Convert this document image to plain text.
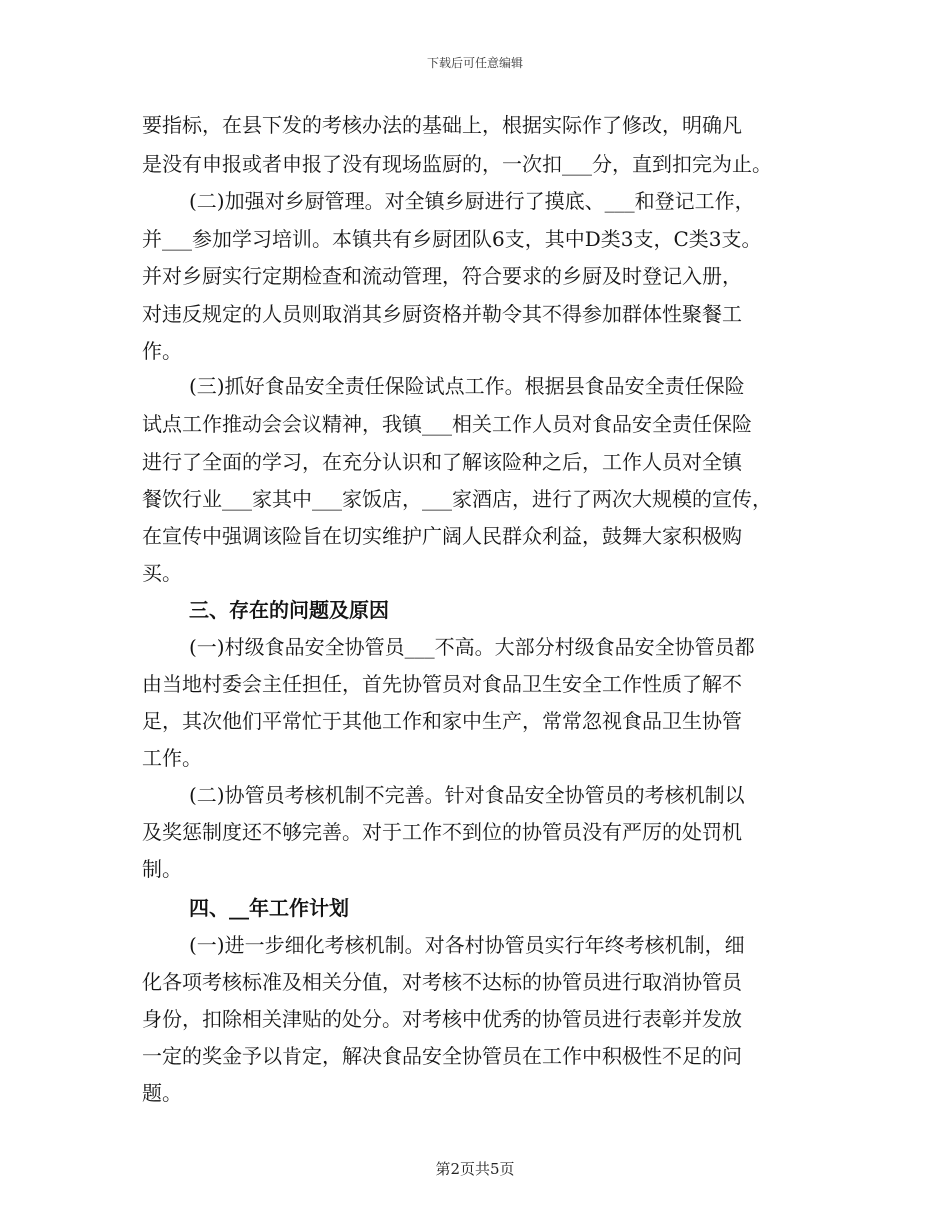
下载后可任意编辑
要指标，在县下发的考核办法的基础上，根据实际作了修改，明确凡
是没有申报或者申报了没有现场监厨的，一次扣___分，直到扣完为止。
(二)加强对乡厨管理。对全镇乡厨进行了摸底、___和登记工作，
并___参加学习培训。本镇共有乡厨团队6支，其中D类3支，C类3支。
并对乡厨实行定期检查和流动管理，符合要求的乡厨及时登记入册，
对违反规定的人员则取消其乡厨资格并勒令其不得参加群体性聚餐工
作。
(三)抓好食品安全责任保险试点工作。根据县食品安全责任保险
试点工作推动会会议精神，我镇___相关工作人员对食品安全责任保险
进行了全面的学习，在充分认识和了解该险种之后，工作人员对全镇
餐饮行业___家其中___家饭店，___家酒店，进行了两次大规模的宣传，
在宣传中强调该险旨在切实维护广阔人民群众利益，鼓舞大家积极购
买。
三、存在的问题及原因
(一)村级食品安全协管员___不高。大部分村级食品安全协管员都
由当地村委会主任担任，首先协管员对食品卫生安全工作性质了解不
足，其次他们平常忙于其他工作和家中生产，常常忽视食品卫生协管
工作。
(二)协管员考核机制不完善。针对食品安全协管员的考核机制以
及奖惩制度还不够完善。对于工作不到位的协管员没有严厉的处罚机
制。
四、__年工作计划
(一)进一步细化考核机制。对各村协管员实行年终考核机制，细
化各项考核标准及相关分值，对考核不达标的协管员进行取消协管员
身份，扣除相关津贴的处分。对考核中优秀的协管员进行表彰并发放
一定的奖金予以肯定，解决食品安全协管员在工作中积极性不足的问
题。
第2页共5页
